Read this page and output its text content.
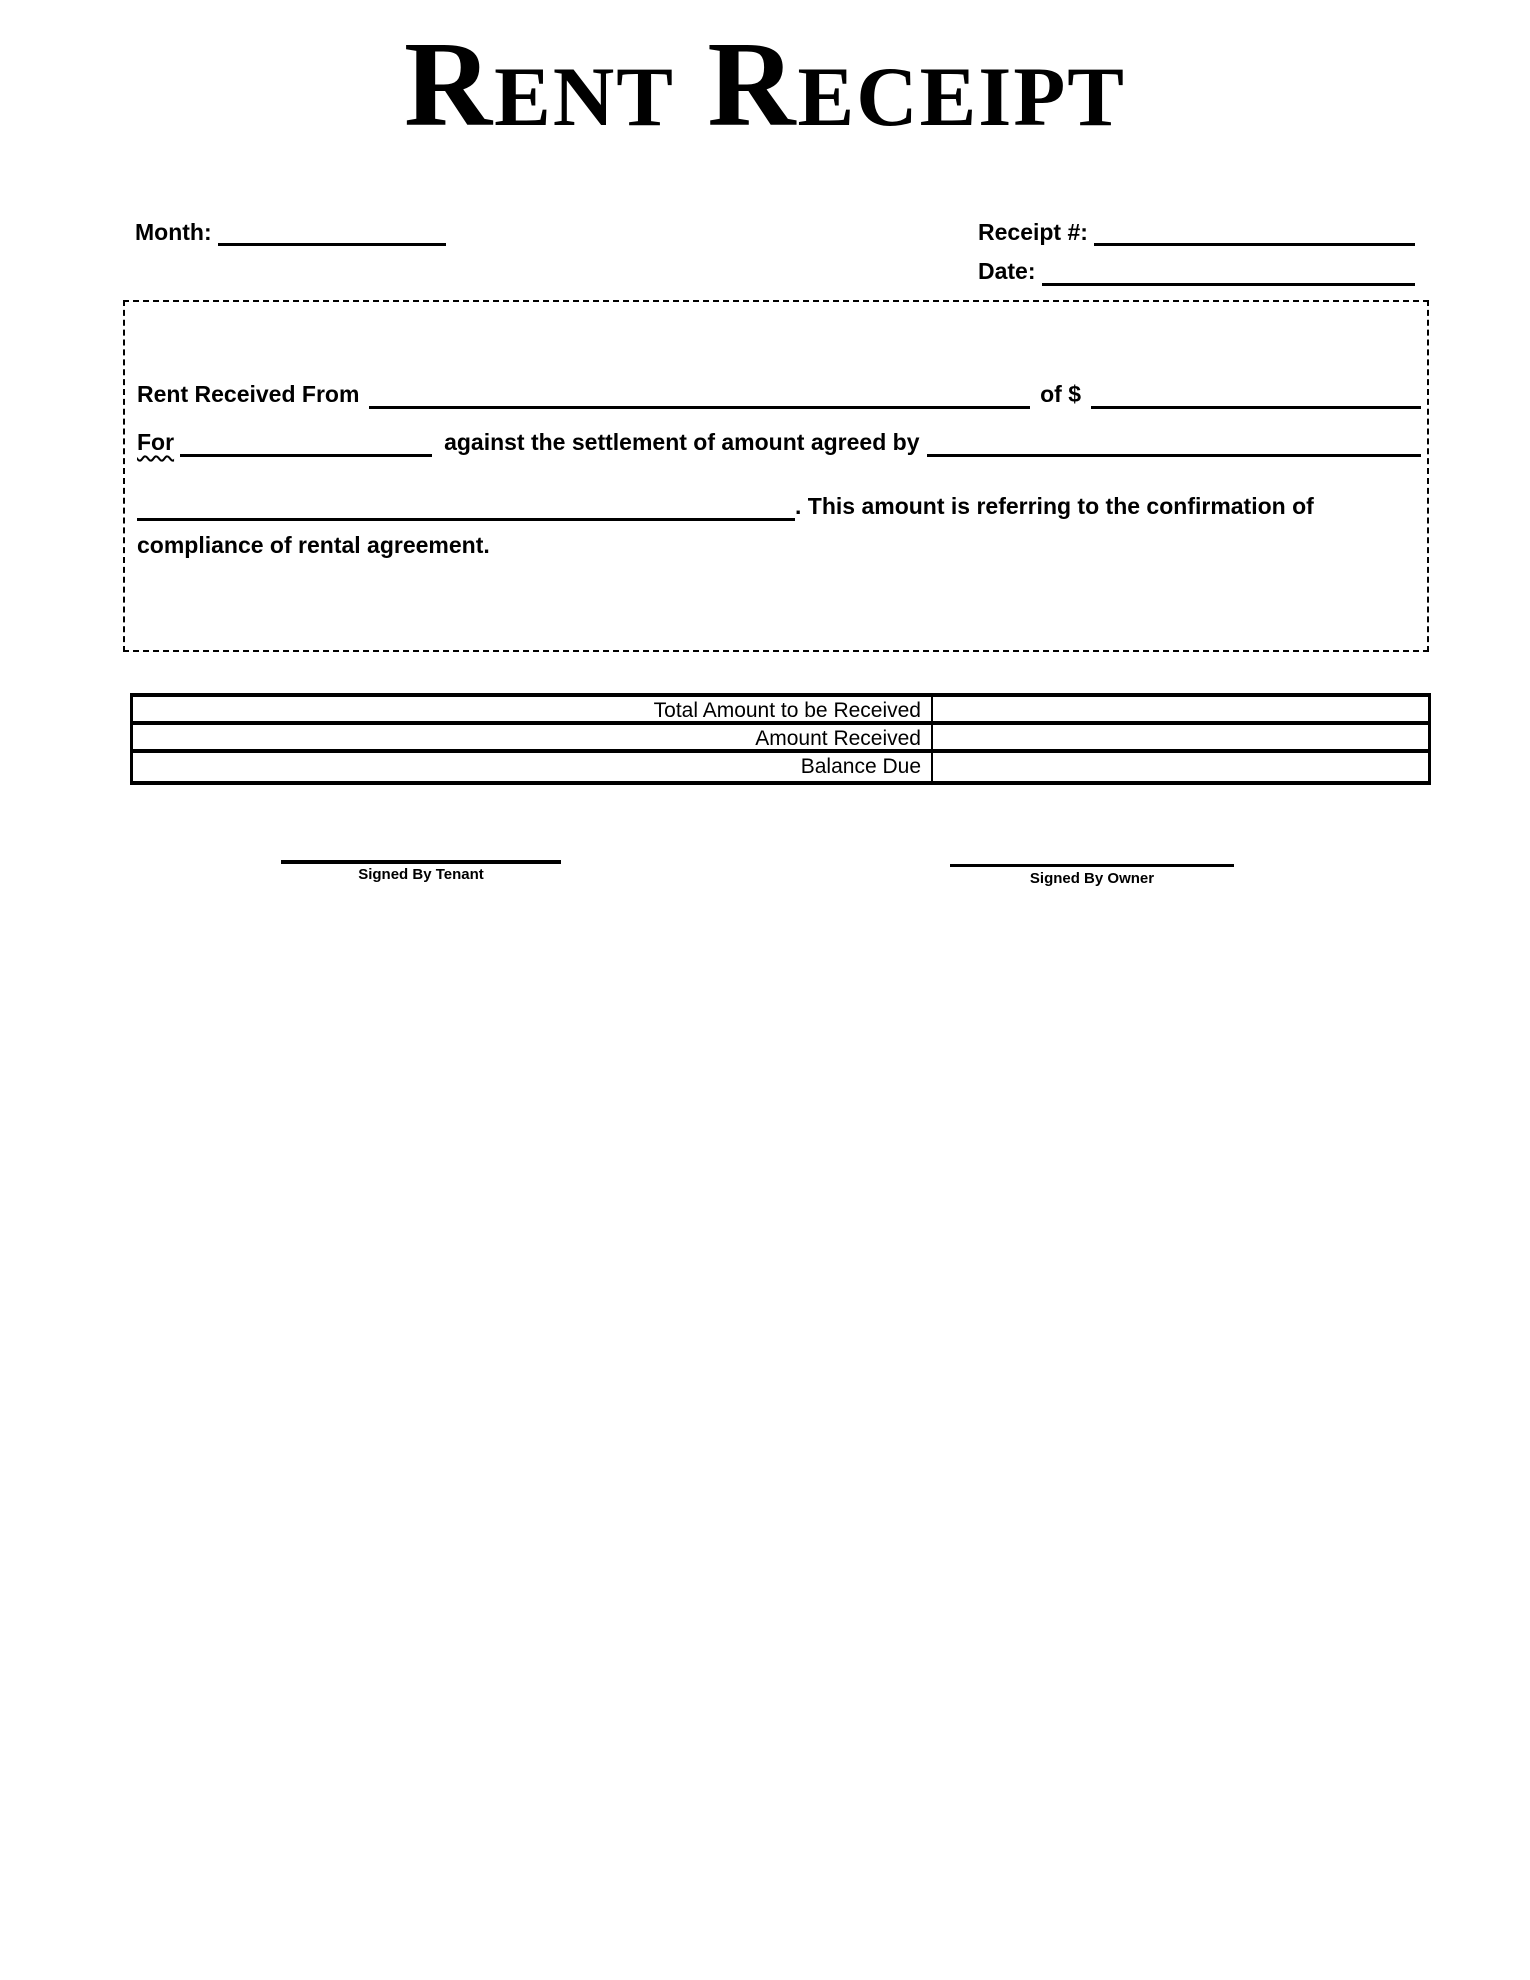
Rent Receipt
Month:	Receipt #:
Date:
Rent Received From	of $
For	against the settlement of amount agreed by
. This amount is referring to the confirmation of
compliance of rental agreement.
Total Amount to be Received
Amount Received
Balance Due
Signed By Tenant	Signed By Owner
